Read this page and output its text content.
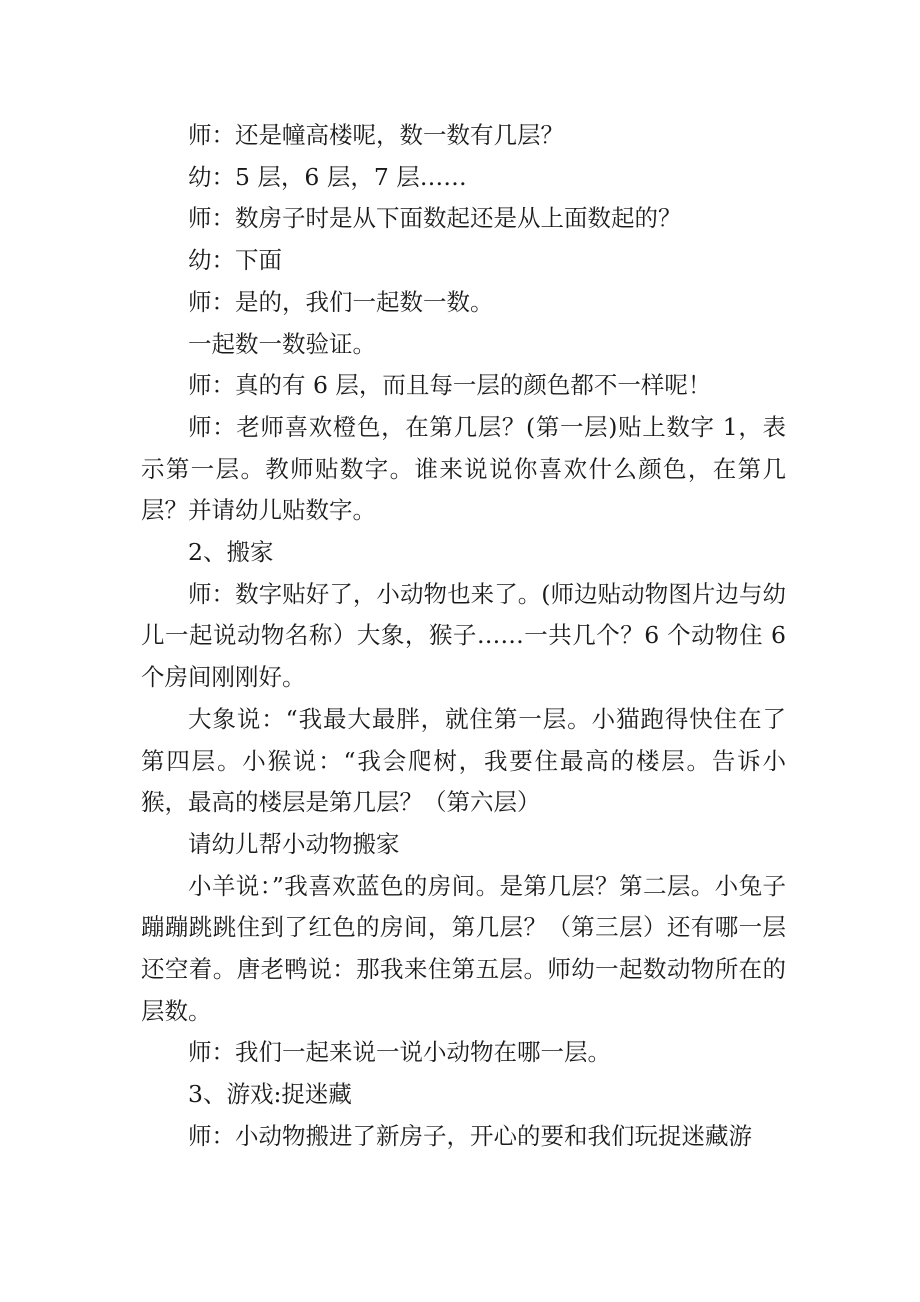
师：还是幢高楼呢，数一数有几层？

幼：5 层，6 层，7 层……

师：数房子时是从下面数起还是从上面数起的？

幼：下面

师：是的，我们一起数一数。

一起数一数验证。

师：真的有 6 层，而且每一层的颜色都不一样呢！

师：老师喜欢橙色，在第几层？(第一层)贴上数字 1，表示第一层。教师贴数字。谁来说说你喜欢什么颜色，在第几层？并请幼儿贴数字。

2、搬家

师：数字贴好了，小动物也来了。(师边贴动物图片边与幼儿一起说动物名称）大象，猴子……一共几个？6 个动物住 6 个房间刚刚好。

大象说：“我最大最胖，就住第一层。小猫跑得快住在了第四层。小猴说：“我会爬树，我要住最高的楼层。告诉小猴，最高的楼层是第几层？（第六层）

请幼儿帮小动物搬家

小羊说：”我喜欢蓝色的房间。是第几层？第二层。小兔子蹦蹦跳跳住到了红色的房间，第几层？（第三层）还有哪一层还空着。唐老鸭说：那我来住第五层。师幼一起数动物所在的层数。

师：我们一起来说一说小动物在哪一层。

3、游戏:捉迷藏

师：小动物搬进了新房子，开心的要和我们玩捉迷藏游
